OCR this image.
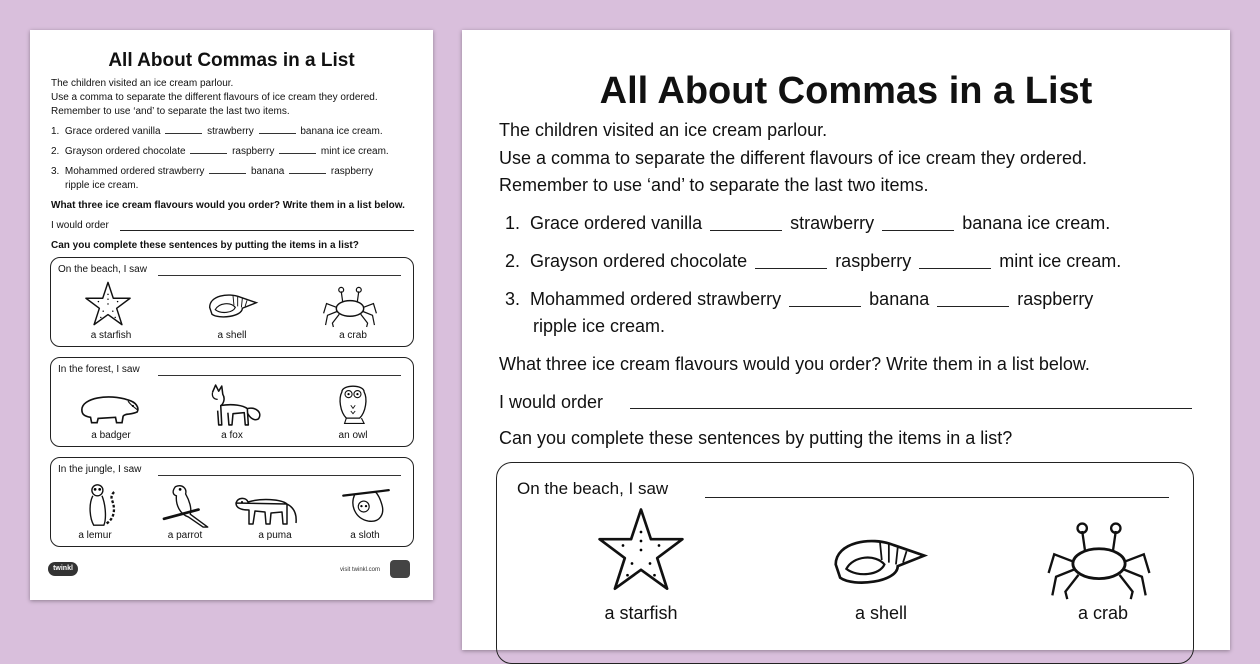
All About Commas in a List
The children visited an ice cream parlour.
Use a comma to separate the different flavours of ice cream they ordered.
Remember to use ‘and’ to separate the last two items.
1. Grace ordered vanilla	strawberry	banana ice cream.
2. Grayson ordered chocolate	raspberry	mint ice cream.
3. Mohammed ordered strawberry	banana	raspberry
ripple ice cream.
What three ice cream flavours would you order? Write them in a list below.
I would order
Can you complete these sentences by putting the items in a list?
On the beach, I saw
a starfish	a shell	a crab
In the forest, I saw
a badger	a fox	an owl
In the jungle, I saw
a lemur	a parrot	a puma	a sloth
twinkl	visit twinkl.com
All About Commas in a List
The children visited an ice cream parlour.
Use a comma to separate the different flavours of ice cream they ordered.
Remember to use ‘and’ to separate the last two items.
1. Grace ordered vanilla	strawberry	banana ice cream.
2. Grayson ordered chocolate	raspberry	mint ice cream.
3. Mohammed ordered strawberry	banana	raspberry
ripple ice cream.
What three ice cream flavours would you order? Write them in a list below.
I would order
Can you complete these sentences by putting the items in a list?
On the beach, I saw
a starfish	a shell	a crab
